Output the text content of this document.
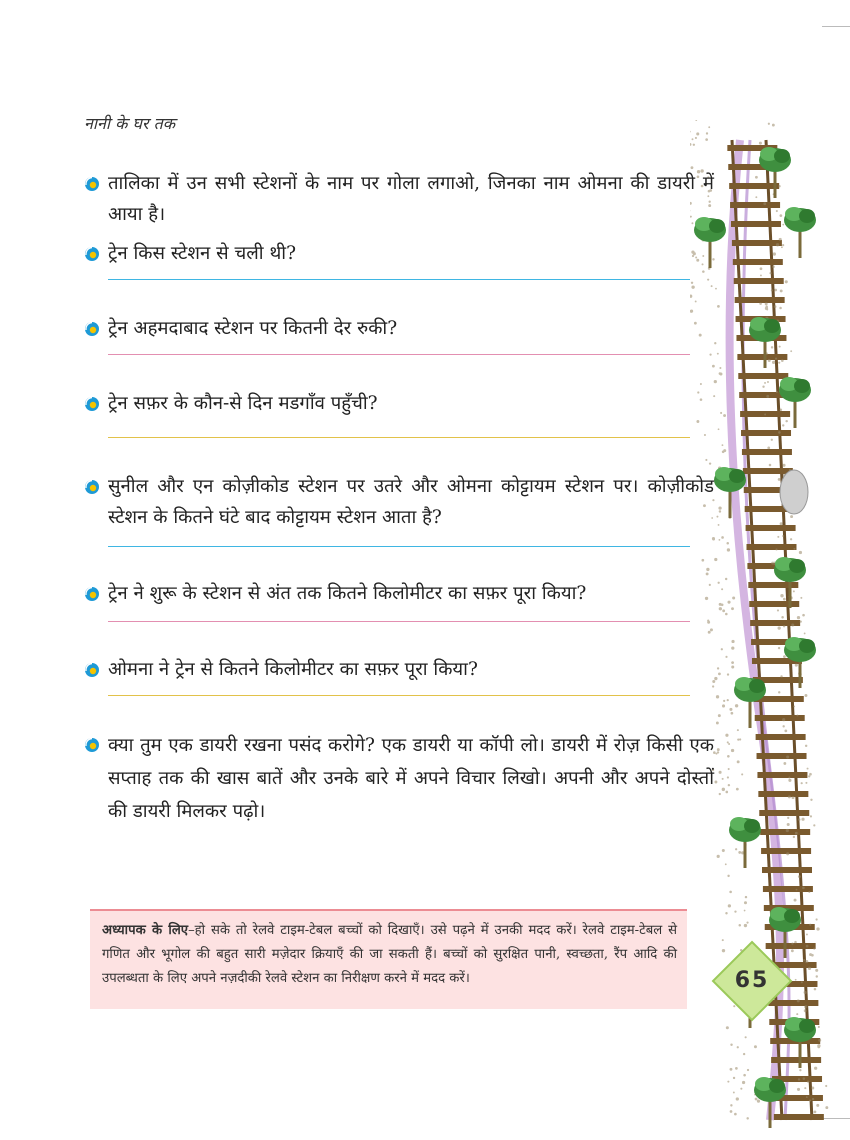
नानी के घर तक
तालिका में उन सभी स्टेशनों के नाम पर गोला लगाओ, जिनका नाम ओमना की डायरी में आया है।
ट्रेन किस स्टेशन से चली थी?
ट्रेन अहमदाबाद स्टेशन पर कितनी देर रुकी?
ट्रेन सफ़र के कौन-से दिन मडगाँव पहुँची?
सुनील और एन कोज़ीकोड स्टेशन पर उतरे और ओमना कोट्टायम स्टेशन पर। कोज़ीकोड स्टेशन के कितने घंटे बाद कोट्टायम स्टेशन आता है?
ट्रेन ने शुरू के स्टेशन से अंत तक कितने किलोमीटर का सफ़र पूरा किया?
ओमना ने ट्रेन से कितने किलोमीटर का सफ़र पूरा किया?
क्या तुम एक डायरी रखना पसंद करोगे? एक डायरी या कॉपी लो। डायरी में रोज़ किसी एक सप्ताह तक की खास बातें और उनके बारे में अपने विचार लिखो। अपनी और अपने दोस्तों की डायरी मिलकर पढ़ो।
अध्यापक के लिए–हो सके तो रेलवे टाइम-टेबल बच्चों को दिखाएँ। उसे पढ़ने में उनकी मदद करें। रेलवे टाइम-टेबल से गणित और भूगोल की बहुत सारी मज़ेदार क्रियाएँ की जा सकती हैं। बच्चों को सुरक्षित पानी, स्वच्छता, रैंप आदि की उपलब्धता के लिए अपने नज़दीकी रेलवे स्टेशन का निरीक्षण करने में मदद करें।	65
